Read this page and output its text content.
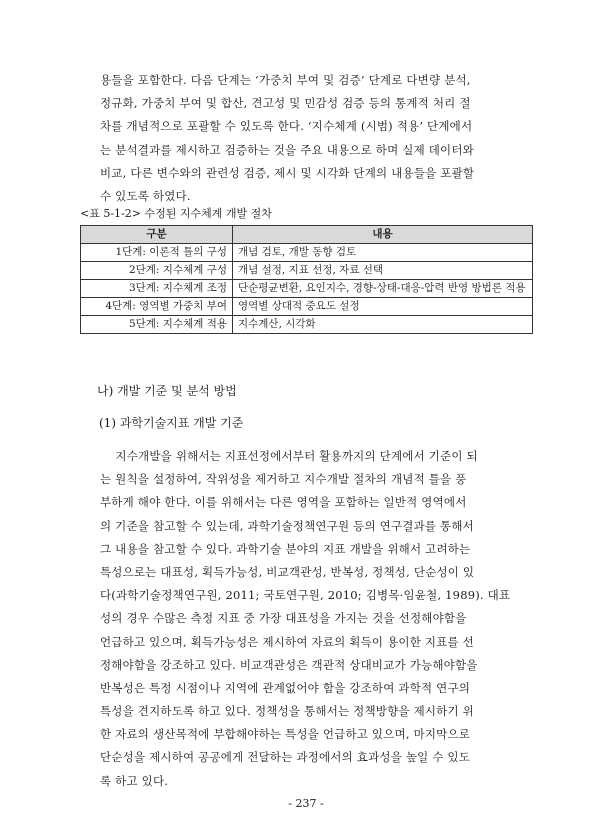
용들을 포함한다. 다음 단계는 ‘가중치 부여 및 검증’ 단계로 다변량 분석,
정규화, 가중치 부여 및 합산, 견고성 및 민감성 검증 등의 통계적 처리 절
차를 개념적으로 포괄할 수 있도록 한다. ‘지수체계 (시범) 적용’ 단계에서
는 분석결과를 제시하고 검증하는 것을 주요 내용으로 하며 실제 데이터와
비교, 다른 변수와의 관련성 검증, 제시 및 시각화 단계의 내용들을 포괄할
수 있도록 하였다.
<표 5-1-2> 수정된 지수체계 개발 절차
구분	내용
1단계: 이론적 틀의 구성	개념 검토, 개발 동향 검토
2단계: 지수체계 구성	개념 설정, 지표 선정, 자료 선택
3단계: 지수체계 조정	단순평균변환, 요인지수, 경향-상태-대응-압력 반영 방법론 적용
4단계: 영역별 가중치 부여	영역별 상대적 중요도 설정
5단계: 지수체계 적용	지수계산, 시각화
나) 개발 기준 및 분석 방법
(1) 과학기술지표 개발 기준
지수개발을 위해서는 지표선정에서부터 활용까지의 단계에서 기준이 되
는 원칙을 설정하여, 작위성을 제거하고 지수개발 절차의 개념적 틀을 풍
부하게 해야 한다. 이를 위해서는 다른 영역을 포함하는 일반적 영역에서
의 기준을 참고할 수 있는데, 과학기술정책연구원 등의 연구결과를 통해서
그 내용을 참고할 수 있다. 과학기술 분야의 지표 개발을 위해서 고려하는
특성으로는 대표성, 획득가능성, 비교객관성, 반복성, 정책성, 단순성이 있
다(과학기술정책연구원, 2011; 국토연구원, 2010; 김병목·임윤철, 1989). 대표
성의 경우 수많은 측정 지표 중 가장 대표성을 가지는 것을 선정해야함을
언급하고 있으며, 획득가능성은 제시하여 자료의 획득이 용이한 지표를 선
정해야함을 강조하고 있다. 비교객관성은 객관적 상대비교가 가능해야함을
반복성은 특정 시점이나 지역에 관계없어야 함을 강조하여 과학적 연구의
특성을 견지하도록 하고 있다. 정책성을 통해서는 정책방향을 제시하기 위
한 자료의 생산목적에 부합해야하는 특성을 언급하고 있으며, 마지막으로
단순성을 제시하여 공공에게 전달하는 과정에서의 효과성을 높일 수 있도
록 하고 있다.
- 237 -
